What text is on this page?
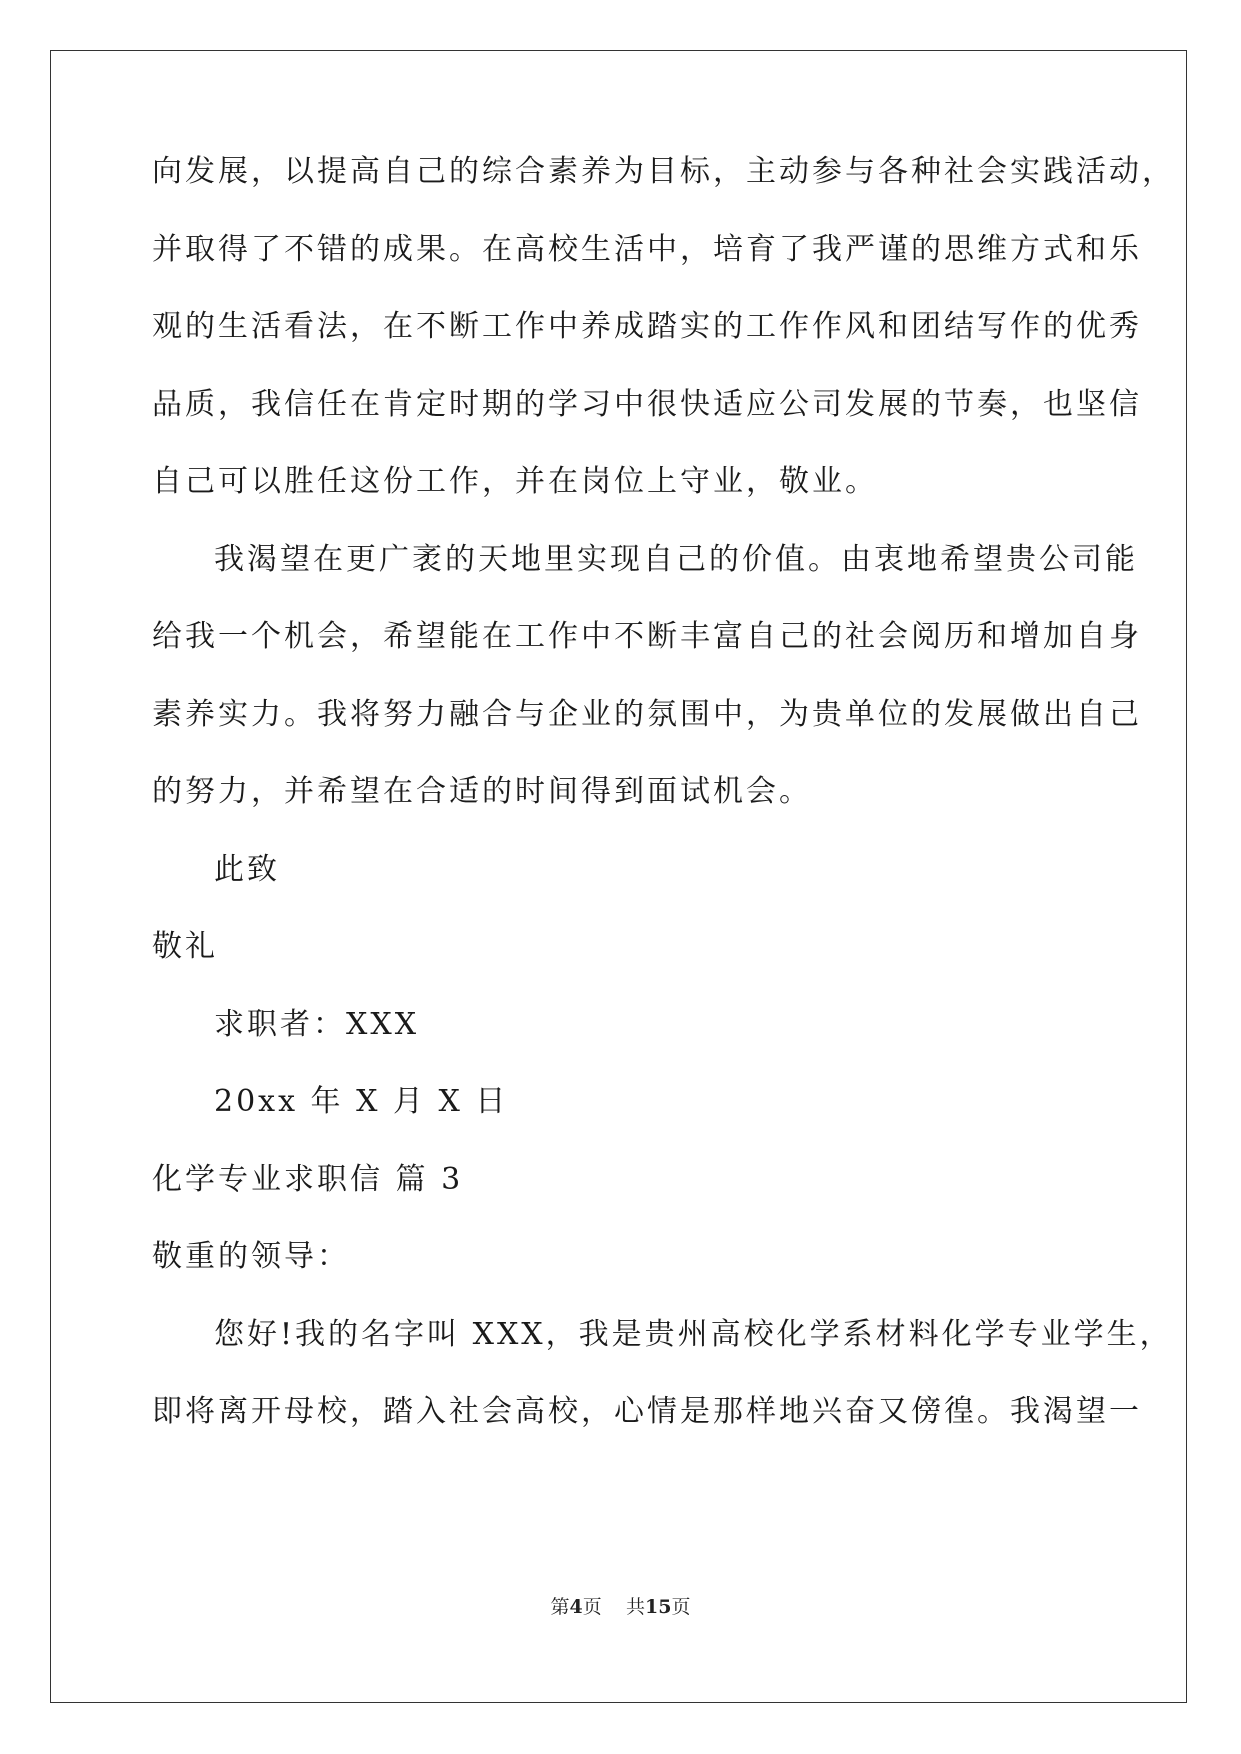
向发展，以提高自己的综合素养为目标，主动参与各种社会实践活动，
并取得了不错的成果。在高校生活中，培育了我严谨的思维方式和乐
观的生活看法，在不断工作中养成踏实的工作作风和团结写作的优秀
品质，我信任在肯定时期的学习中很快适应公司发展的节奏，也坚信
自己可以胜任这份工作，并在岗位上守业，敬业。
我渴望在更广袤的天地里实现自己的价值。由衷地希望贵公司能
给我一个机会，希望能在工作中不断丰富自己的社会阅历和增加自身
素养实力。我将努力融合与企业的氛围中，为贵单位的发展做出自己
的努力，并希望在合适的时间得到面试机会。
此致
敬礼
求职者：XXX
20xx 年 X 月 X 日
化学专业求职信 篇 3
敬重的领导：
您好!我的名字叫 XXX，我是贵州高校化学系材料化学专业学生，
即将离开母校，踏入社会高校，心情是那样地兴奋又傍徨。我渴望一
第4页 共15页
